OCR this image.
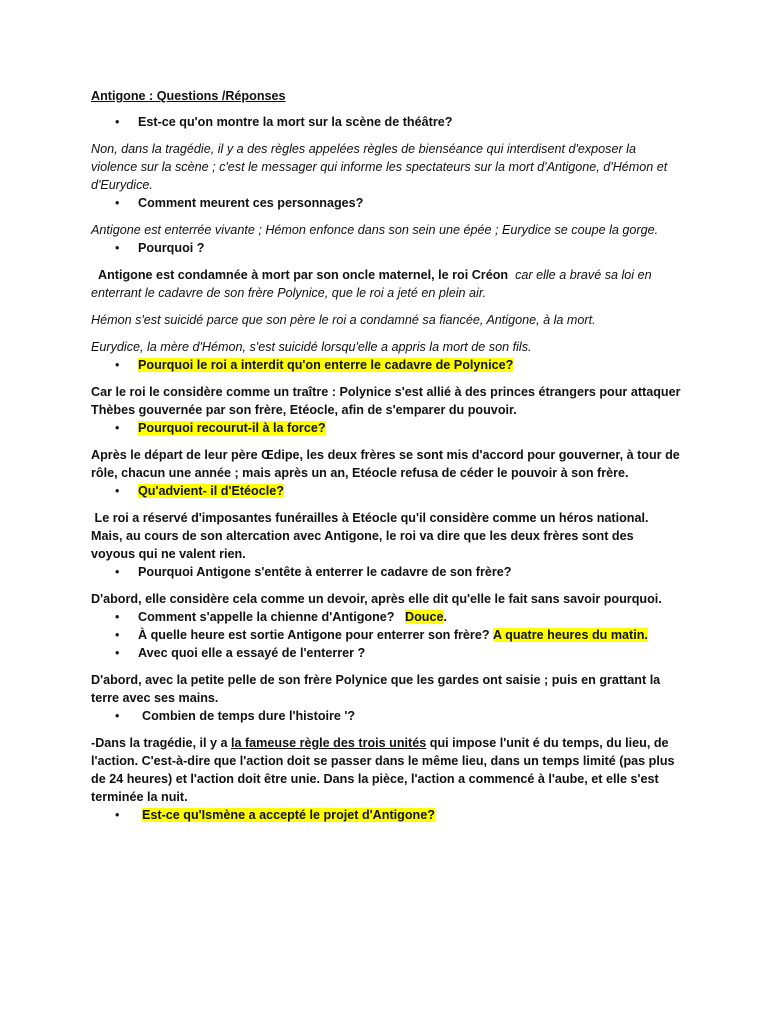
Antigone : Questions /Réponses

• Est-ce qu'on montre la mort sur la scène de théâtre?

Non, dans la tragédie, il y a des règles appelées règles de bienséance qui interdisent d'exposer la violence sur la scène ; c'est le messager qui informe les spectateurs sur la mort d'Antigone, d'Hémon et d'Eurydice.

• Comment meurent ces personnages?

Antigone est enterrée vivante ; Hémon enfonce dans son sein une épée ; Eurydice se coupe la gorge.

• Pourquoi ?

Antigone est condamnée à mort par son oncle maternel, le roi Créon  car elle a bravé sa loi en enterrant le cadavre de son frère Polynice, que le roi a jeté en plein air.

Hémon s'est suicidé parce que son père le roi a condamné sa fiancée, Antigone, à la mort.

Eurydice, la mère d'Hémon, s'est suicidé lorsqu'elle a appris la mort de son fils.

• Pourquoi le roi a interdit qu'on enterre le cadavre de Polynice?

Car le roi le considère comme un traître : Polynice s'est allié à des princes étrangers pour attaquer Thèbes gouvernée par son frère, Etéocle, afin de s'emparer du pouvoir.

• Pourquoi recourut-il à la force?

Après le départ de leur père Œdipe, les deux frères se sont mis d'accord pour gouverner, à tour de rôle, chacun une année ; mais après un an, Etéocle refusa de céder le pouvoir à son frère.

• Qu'advient- il d'Etéocle?

Le roi a réservé d'imposantes funérailles à Etéocle qu'il considère comme un héros national. Mais, au cours de son altercation avec Antigone, le roi va dire que les deux frères sont des voyous qui ne valent rien.

• Pourquoi Antigone s'entête à enterrer le cadavre de son frère?

D'abord, elle considère cela comme un devoir, après elle dit qu'elle le fait sans savoir pourquoi.

• Comment s'appelle la chienne d'Antigone? Douce.
• À quelle heure est sortie Antigone pour enterrer son frère? A quatre heures du matin.
• Avec quoi elle a essayé de l'enterrer ?

D'abord, avec la petite pelle de son frère Polynice que les gardes ont saisie ; puis en grattant la terre avec ses mains.

• Combien de temps dure l'histoire '?

-Dans la tragédie, il y a la fameuse règle des trois unités qui impose l'unit é du temps, du lieu, de l'action. C'est-à-dire que l'action doit se passer dans le même lieu, dans un temps limité (pas plus de 24 heures) et l'action doit être unie. Dans la pièce, l'action a commencé à l'aube, et elle s'est terminée la nuit.

• Est-ce qu'Ismène a accepté le projet d'Antigone?
